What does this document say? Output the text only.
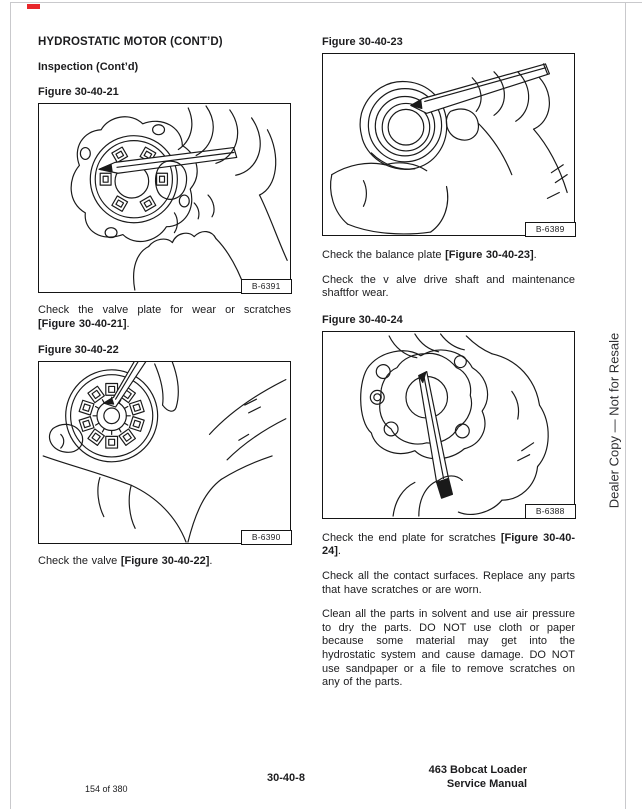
HYDROSTATIC MOTOR (CONT’D)

Inspection (Cont’d)

Figure 30-40-21

B-6391

Check the valve plate for wear or scratches [Figure 30-40-21].

Figure 30-40-22

B-6390

Check the valve [Figure 30-40-22].

Figure 30-40-23

B-6389

Check the balance plate [Figure 30-40-23].

Check the v alve drive shaft and maintenance shaftfor wear.

Figure 30-40-24

B-6388

Check the end plate for scratches [Figure 30-40-24].

Check all the contact surfaces. Replace any parts that have scratches or are worn.

Clean all the parts in solvent and use air pressure to dry the parts. DO NOT use cloth or paper because some material may get into the hydrostatic system and cause damage. DO NOT use sandpaper or a file to remove scratches on any of the parts.

Dealer Copy — Not for Resale
154 of 380
30-40-8
463 Bobcat Loader
Service Manual
